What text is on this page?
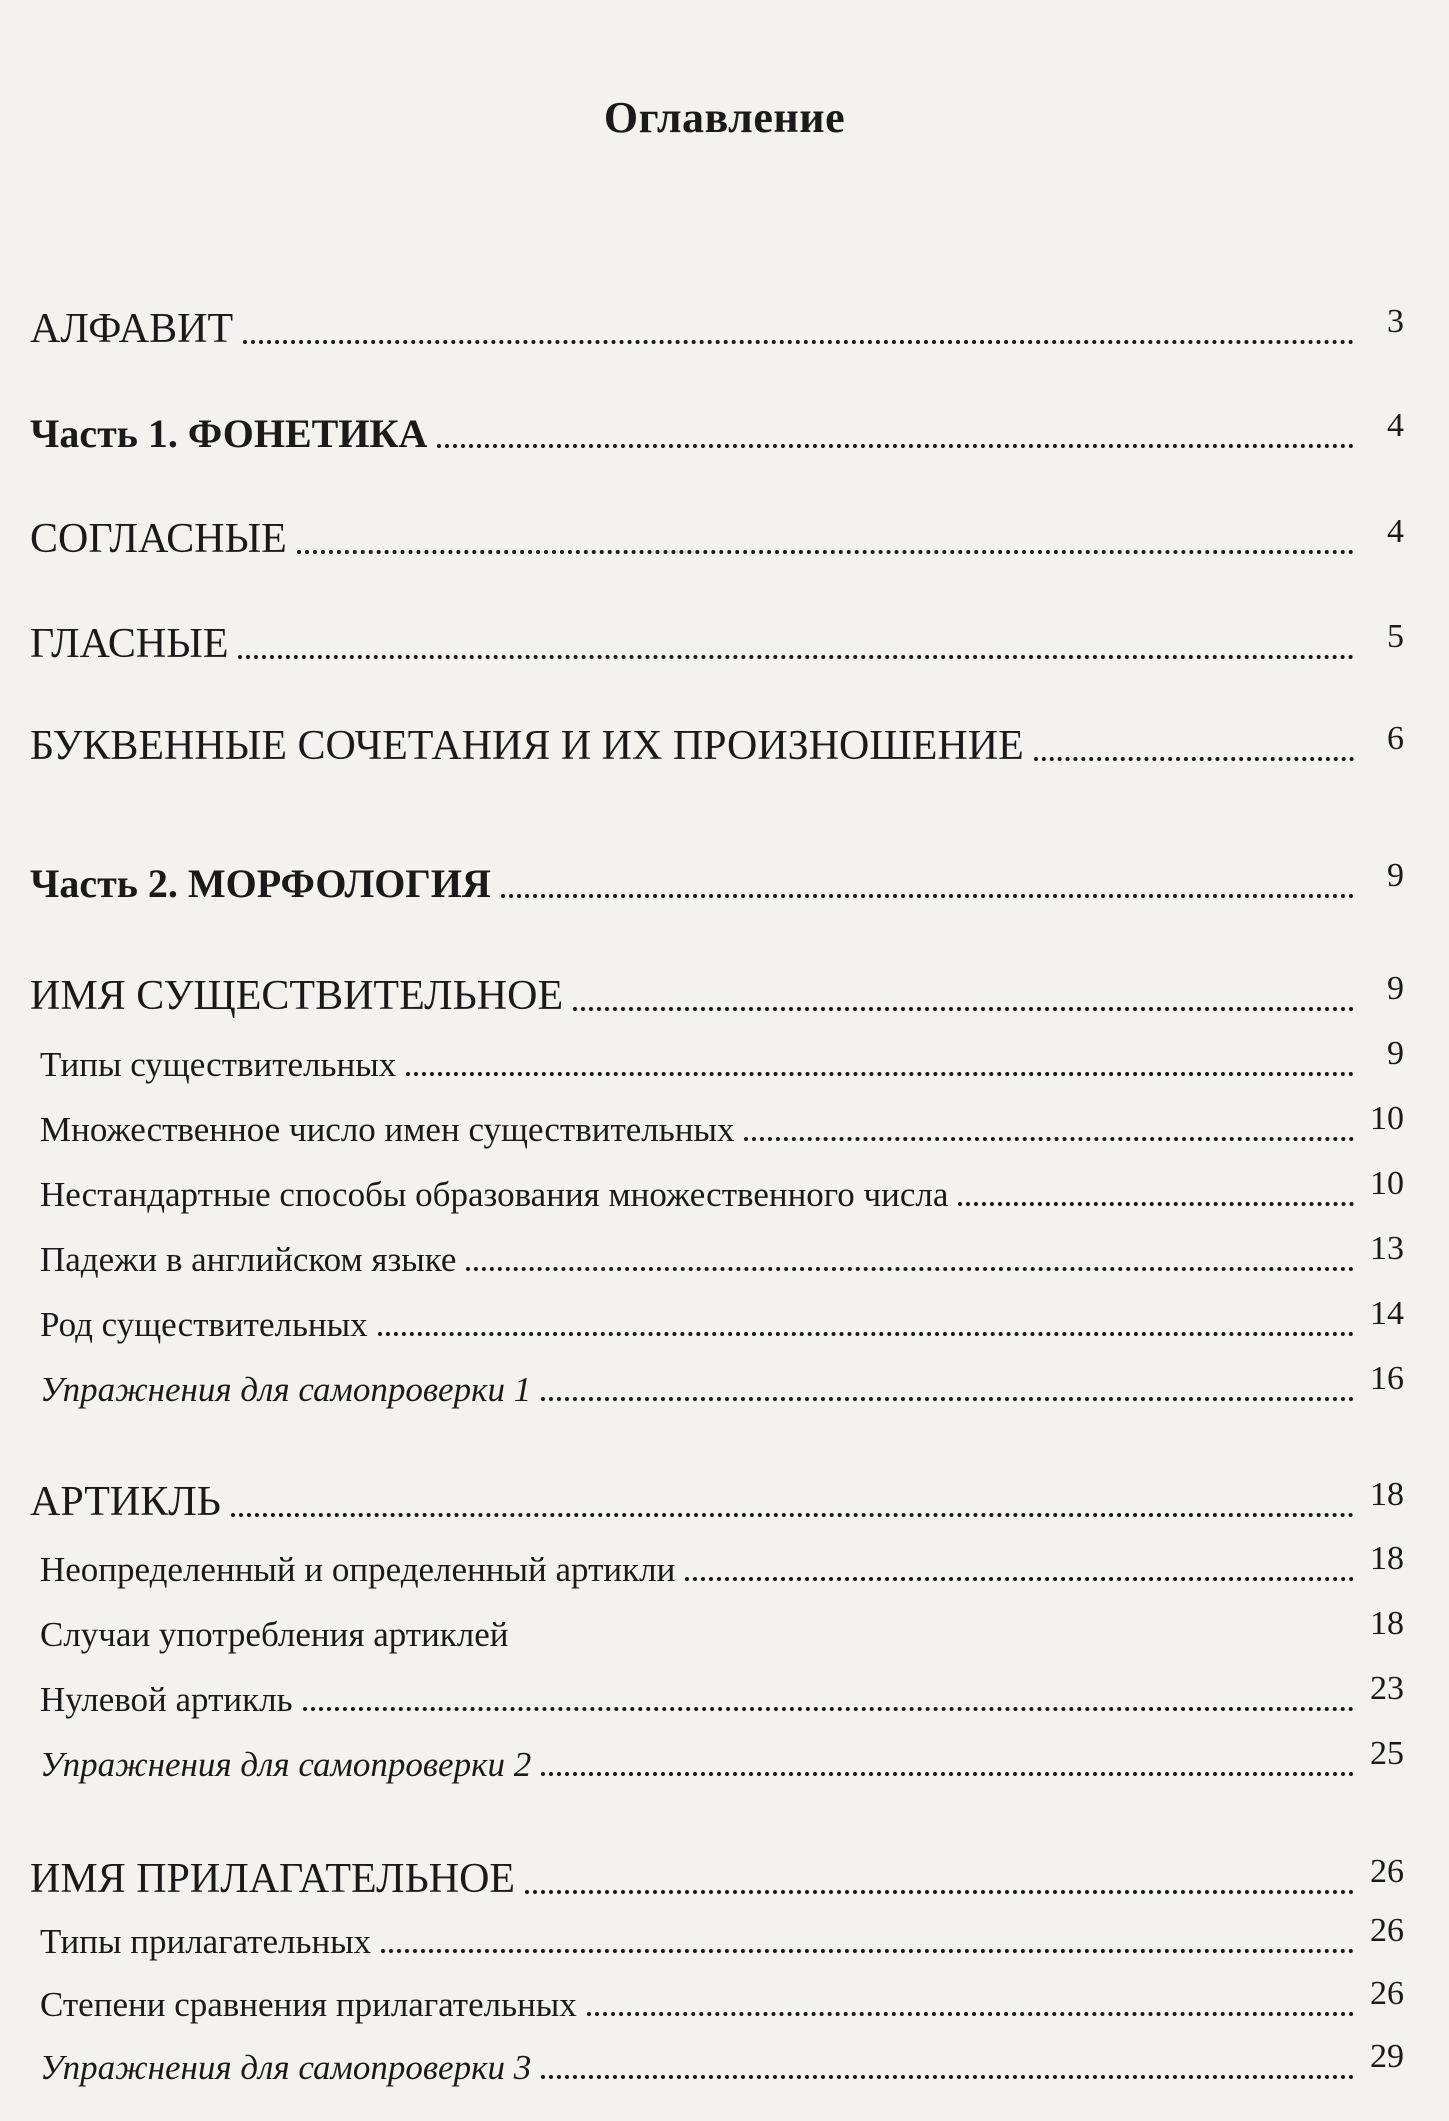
Оглавление
АЛФАВИТ	3
Часть 1. ФОНЕТИКА	4
СОГЛАСНЫЕ	4
ГЛАСНЫЕ	5
БУКВЕННЫЕ СОЧЕТАНИЯ И ИХ ПРОИЗНОШЕНИЕ	6
Часть 2. МОРФОЛОГИЯ	9
ИМЯ СУЩЕСТВИТЕЛЬНОЕ	9
Типы существительных	9
Множественное число имен существительных	10
Нестандартные способы образования множественного числа	10
Падежи в английском языке	13
Род существительных	14
Упражнения для самопроверки 1	16
АРТИКЛЬ	18
Неопределенный и определенный артикли	18
Случаи употребления артиклей	18
Нулевой артикль	23
Упражнения для самопроверки 2	25
ИМЯ ПРИЛАГАТЕЛЬНОЕ	26
Типы прилагательных	26
Степени сравнения прилагательных	26
Упражнения для самопроверки 3	29
